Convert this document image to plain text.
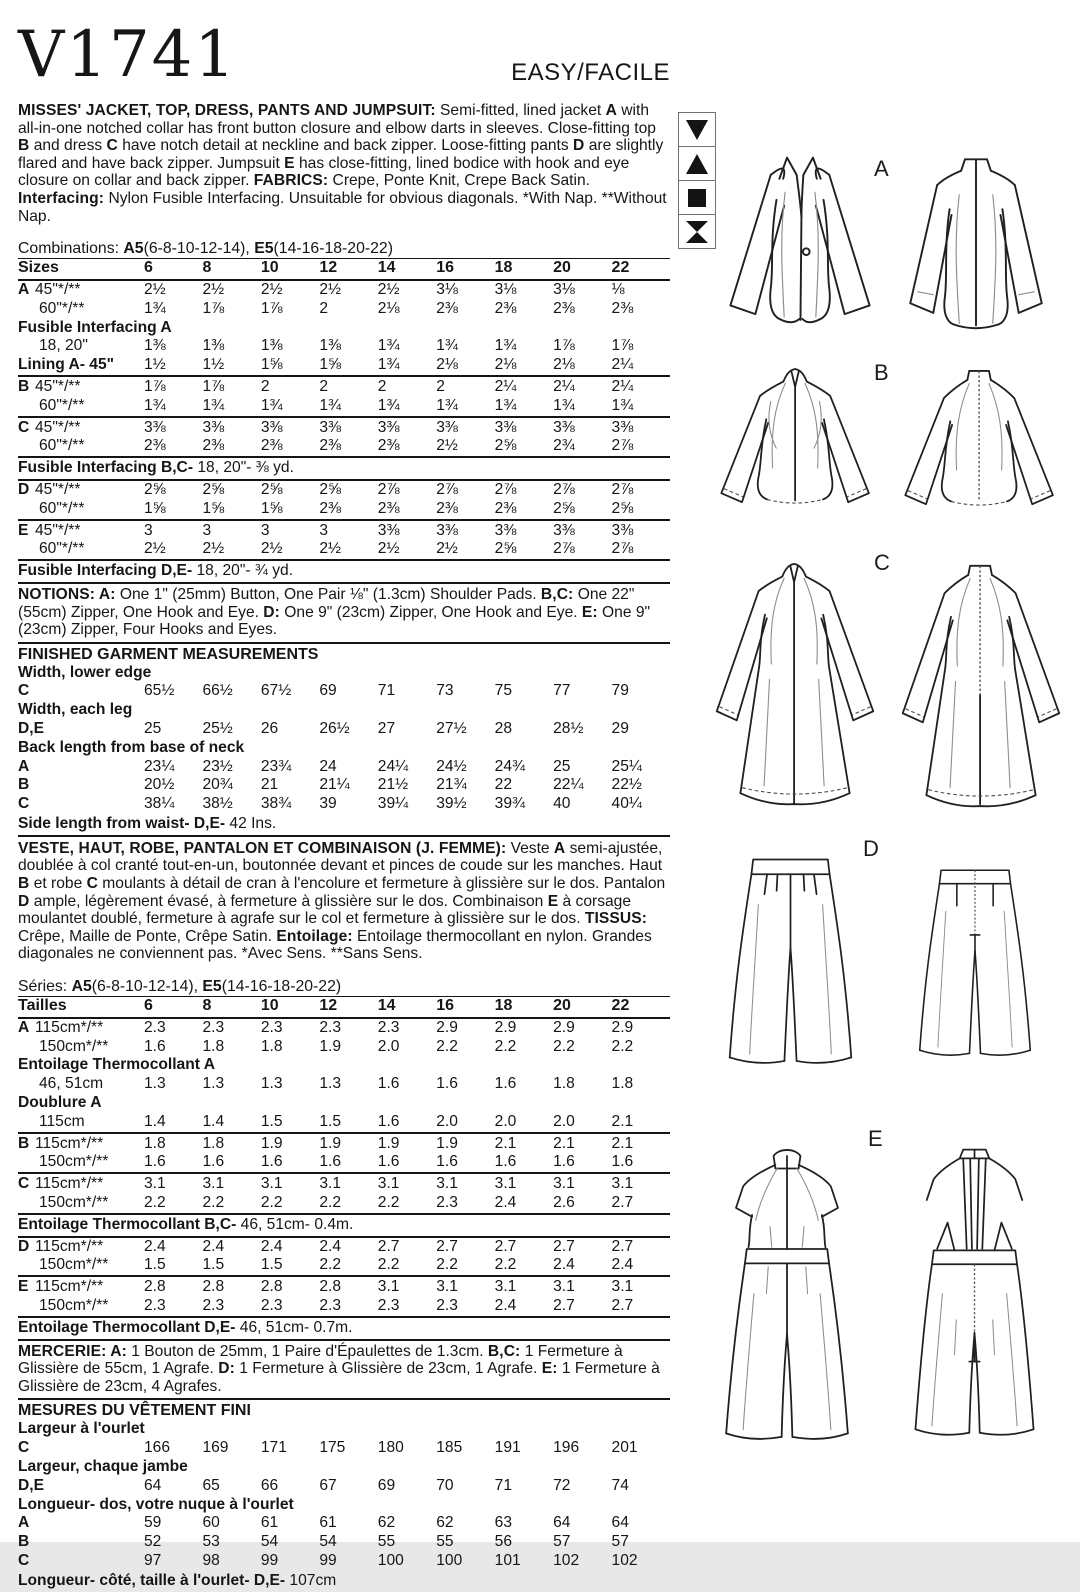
V1741	EASY/FACILE

MISSES' JACKET, TOP, DRESS, PANTS AND JUMPSUIT: Semi-fitted, lined jacket A with all-in-one notched collar has front button closure and elbow darts in sleeves. Close-fitting top B and dress C have notch detail at neckline and back zipper. Loose-fitting pants D are slightly flared and have back zipper. Jumpsuit E has close-fitting, lined bodice with hook and eye closure on collar and back zipper. FABRICS: Crepe, Ponte Knit, Crepe Back Satin. Interfacing: Nylon Fusible Interfacing. Unsuitable for obvious diagonals. *With Nap. **Without Nap.

Combinations: A5(6-8-10-12-14), E5(14-16-18-20-22)
Sizes	6	8	10	12	14	16	18	20	22
A 45"*/**	2½	2½	2½	2½	2½	3⅛	3⅛	3⅛	⅛
60"*/**	1¾	1⅞	1⅞	2	2⅛	2⅜	2⅜	2⅜	2⅜
Fusible Interfacing A
18, 20"	1⅜	1⅜	1⅜	1⅜	1¾	1¾	1¾	1⅞	1⅞
Lining A- 45"	1½	1½	1⅝	1⅝	1¾	2⅛	2⅛	2⅛	2¼
B 45"*/**	1⅞	1⅞	2	2	2	2	2¼	2¼	2¼
60"*/**	1¾	1¾	1¾	1¾	1¾	1¾	1¾	1¾	1¾
C 45"*/**	3⅜	3⅜	3⅜	3⅜	3⅜	3⅜	3⅜	3⅜	3⅜
60"*/**	2⅜	2⅜	2⅜	2⅜	2⅜	2½	2⅝	2¾	2⅞
Fusible Interfacing B,C- 18, 20"- ⅜ yd.
D 45"*/**	2⅝	2⅝	2⅝	2⅝	2⅞	2⅞	2⅞	2⅞	2⅞
60"*/**	1⅝	1⅝	1⅝	2⅜	2⅜	2⅜	2⅜	2⅝	2⅝
E 45"*/**	3	3	3	3	3⅜	3⅜	3⅜	3⅜	3⅜
60"*/**	2½	2½	2½	2½	2½	2½	2⅝	2⅞	2⅞
Fusible Interfacing D,E- 18, 20"- ¾ yd.

NOTIONS: A: One 1" (25mm) Button, One Pair ⅛" (1.3cm) Shoulder Pads. B,C: One 22" (55cm) Zipper, One Hook and Eye. D: One 9" (23cm) Zipper, One Hook and Eye. E: One 9" (23cm) Zipper, Four Hooks and Eyes.

FINISHED GARMENT MEASUREMENTS
Width, lower edge
C	65½	66½	67½	69	71	73	75	77	79
Width, each leg
D,E	25	25½	26	26½	27	27½	28	28½	29
Back length from base of neck
A	23¼	23½	23¾	24	24¼	24½	24¾	25	25¼
B	20½	20¾	21	21¼	21½	21¾	22	22¼	22½
C	38¼	38½	38¾	39	39¼	39½	39¾	40	40¼
Side length from waist- D,E- 42 Ins.

VESTE, HAUT, ROBE, PANTALON ET COMBINAISON (J. FEMME): Veste A semi-ajustée, doublée à col cranté tout-en-un, boutonnée devant et pinces de coude sur les manches. Haut B et robe C moulants à détail de cran à l'encolure et fermeture à glissière sur le dos. Pantalon D ample, légèrement évasé, à fermeture à glissière sur le dos. Combinaison E à corsage moulantet doublé, fermeture à agrafe sur le col et fermeture à glissière sur le dos. TISSUS: Crêpe, Maille de Ponte, Crêpe Satin. Entoilage: Entoilage thermocollant en nylon. Grandes diagonales ne conviennent pas. *Avec Sens. **Sans Sens.

Séries: A5(6-8-10-12-14), E5(14-16-18-20-22)
Tailles	6	8	10	12	14	16	18	20	22
A 115cm*/**	2.3	2.3	2.3	2.3	2.3	2.9	2.9	2.9	2.9
150cm*/**	1.6	1.8	1.8	1.9	2.0	2.2	2.2	2.2	2.2
Entoilage Thermocollant A
46, 51cm	1.3	1.3	1.3	1.3	1.6	1.6	1.6	1.8	1.8
Doublure A
115cm	1.4	1.4	1.5	1.5	1.6	2.0	2.0	2.0	2.1
B 115cm*/**	1.8	1.8	1.9	1.9	1.9	1.9	2.1	2.1	2.1
150cm*/**	1.6	1.6	1.6	1.6	1.6	1.6	1.6	1.6	1.6
C 115cm*/**	3.1	3.1	3.1	3.1	3.1	3.1	3.1	3.1	3.1
150cm*/**	2.2	2.2	2.2	2.2	2.2	2.3	2.4	2.6	2.7
Entoilage Thermocollant B,C- 46, 51cm- 0.4m.
D 115cm*/**	2.4	2.4	2.4	2.4	2.7	2.7	2.7	2.7	2.7
150cm*/**	1.5	1.5	1.5	2.2	2.2	2.2	2.2	2.4	2.4
E 115cm*/**	2.8	2.8	2.8	2.8	3.1	3.1	3.1	3.1	3.1
150cm*/**	2.3	2.3	2.3	2.3	2.3	2.3	2.4	2.7	2.7
Entoilage Thermocollant D,E- 46, 51cm- 0.7m.

MERCERIE: A: 1 Bouton de 25mm, 1 Paire d'Épaulettes de 1.3cm. B,C: 1 Fermeture à Glissière de 55cm, 1 Agrafe. D: 1 Fermeture à Glissière de 23cm, 1 Agrafe. E: 1 Fermeture à Glissière de 23cm, 4 Agrafes.

MESURES DU VÊTEMENT FINI
Largeur à l'ourlet
C	166	169	171	175	180	185	191	196	201
Largeur, chaque jambe
D,E	64	65	66	67	69	70	71	72	74
Longueur- dos, votre nuque à l'ourlet
A	59	60	61	61	62	62	63	64	64
B	52	53	54	54	55	55	56	57	57
C	97	98	99	99	100	100	101	102	102
Longueur- côté, taille à l'ourlet- D,E- 107cm
A
B
C
D
E
